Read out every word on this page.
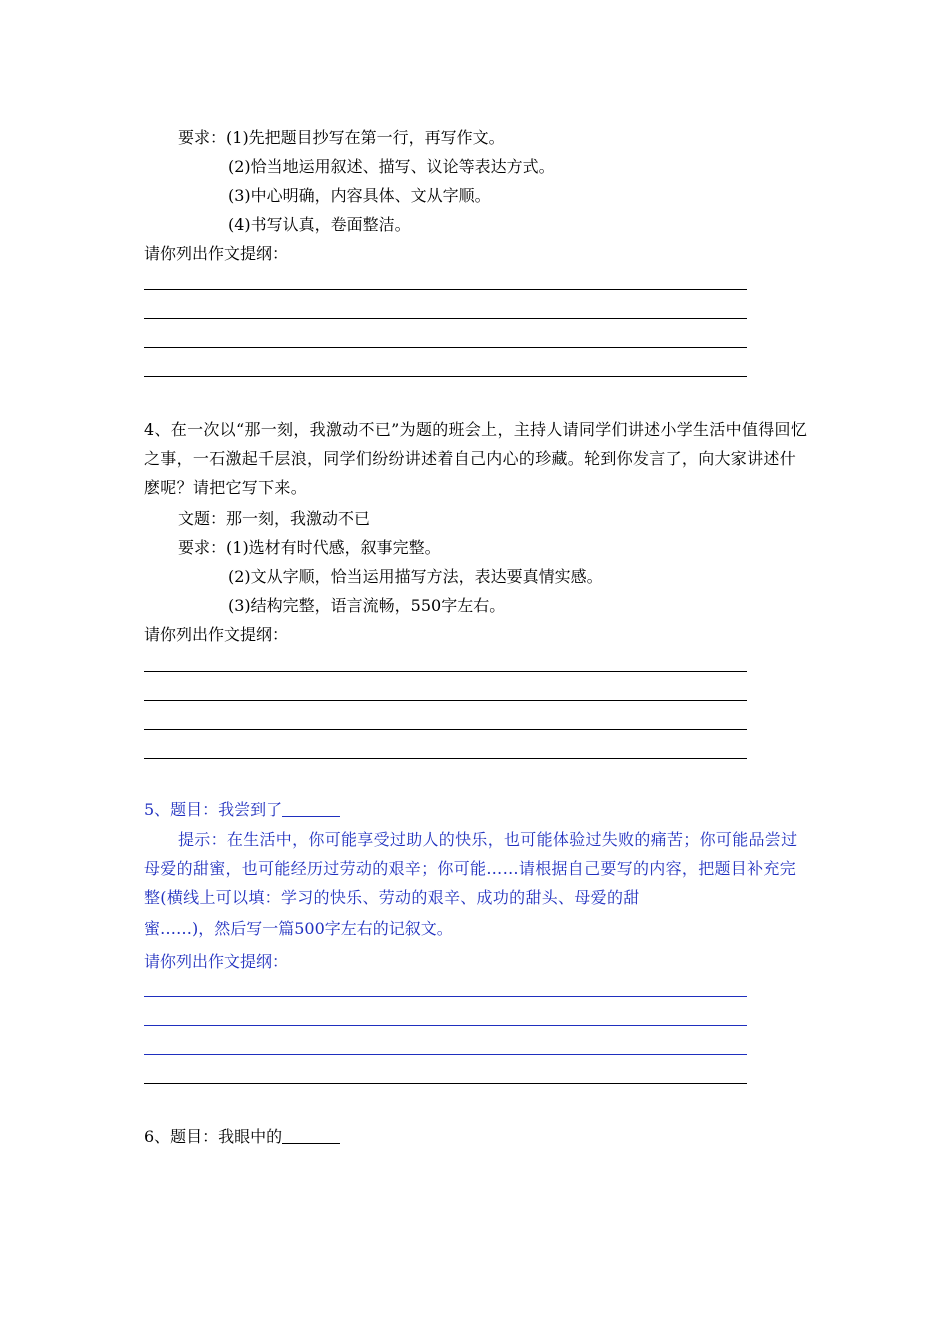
要求：(1)先把题目抄写在第一行，再写作文。
(2)恰当地运用叙述、描写、议论等表达方式。
(3)中心明确，内容具体、文从字顺。
(4)书写认真，卷面整洁。
请你列出作文提纲：
4、在一次以“那一刻，我激动不已”为题的班会上，主持人请同学们讲述小学生活中值得回忆之事，一石激起千层浪，同学们纷纷讲述着自己内心的珍藏。轮到你发言了，向大家讲述什麽呢？请把它写下来。
文题：那一刻，我激动不已
要求：(1)选材有时代感，叙事完整。
(2)文从字顺，恰当运用描写方法，表达要真情实感。
(3)结构完整，语言流畅，550字左右。
请你列出作文提纲：
5、题目：我尝到了
提示：在生活中，你可能享受过助人的快乐，也可能体验过失败的痛苦；你可能品尝过母爱的甜蜜，也可能经历过劳动的艰辛；你可能……请根据自己要写的内容，把题目补充完整(横线上可以填：学习的快乐、劳动的艰辛、成功的甜头、母爱的甜
蜜……)，然后写一篇500字左右的记叙文。
请你列出作文提纲：
6、题目：我眼中的
